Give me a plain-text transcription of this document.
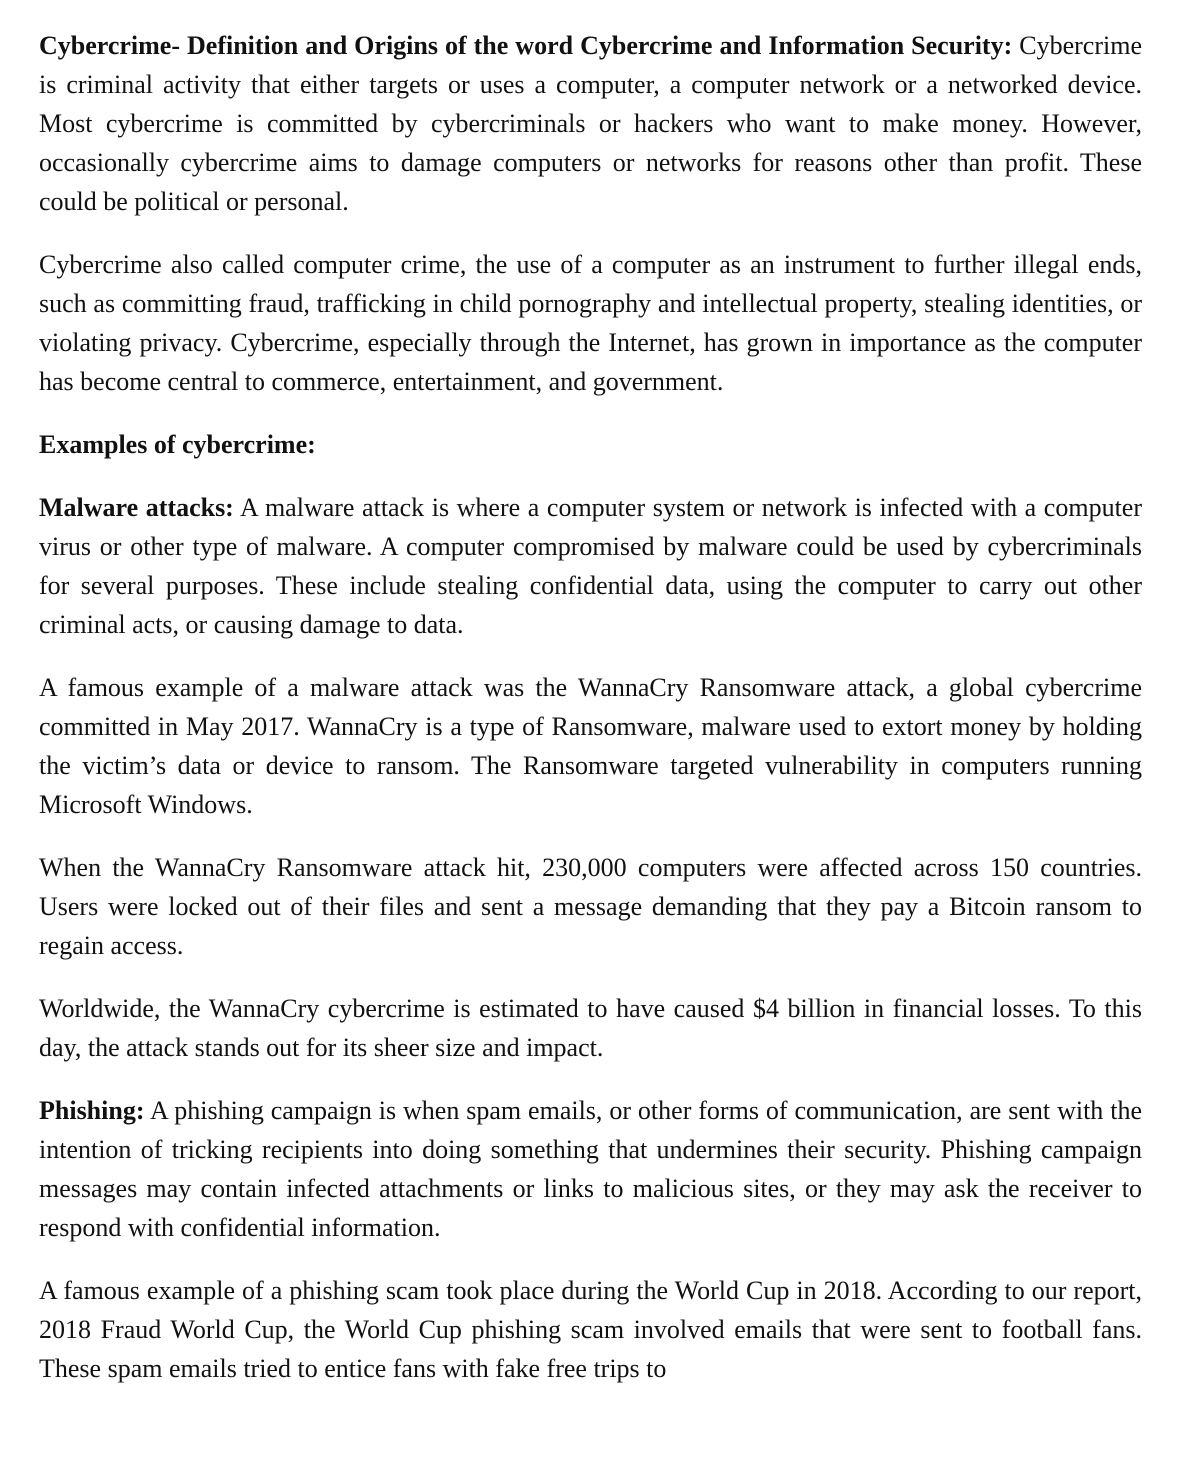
Cybercrime- Definition and Origins of the word Cybercrime and Information Security: Cybercrime is criminal activity that either targets or uses a computer, a computer network or a networked device. Most cybercrime is committed by cybercriminals or hackers who want to make money. However, occasionally cybercrime aims to damage computers or networks for reasons other than profit. These could be political or personal.

Cybercrime also called computer crime, the use of a computer as an instrument to further illegal ends, such as committing fraud, trafficking in child pornography and intellectual property, stealing identities, or violating privacy. Cybercrime, especially through the Internet, has grown in importance as the computer has become central to commerce, entertainment, and government.

Examples of cybercrime:

Malware attacks: A malware attack is where a computer system or network is infected with a computer virus or other type of malware. A computer compromised by malware could be used by cybercriminals for several purposes. These include stealing confidential data, using the computer to carry out other criminal acts, or causing damage to data.

A famous example of a malware attack was the WannaCry Ransomware attack, a global cybercrime committed in May 2017. WannaCry is a type of Ransomware, malware used to extort money by holding the victim’s data or device to ransom. The Ransomware targeted vulnerability in computers running Microsoft Windows.

When the WannaCry Ransomware attack hit, 230,000 computers were affected across 150 countries. Users were locked out of their files and sent a message demanding that they pay a Bitcoin ransom to regain access.

Worldwide, the WannaCry cybercrime is estimated to have caused $4 billion in financial losses. To this day, the attack stands out for its sheer size and impact.

Phishing: A phishing campaign is when spam emails, or other forms of communication, are sent with the intention of tricking recipients into doing something that undermines their security. Phishing campaign messages may contain infected attachments or links to malicious sites, or they may ask the receiver to respond with confidential information.

A famous example of a phishing scam took place during the World Cup in 2018. According to our report, 2018 Fraud World Cup, the World Cup phishing scam involved emails that were sent to football fans. These spam emails tried to entice fans with fake free trips to
